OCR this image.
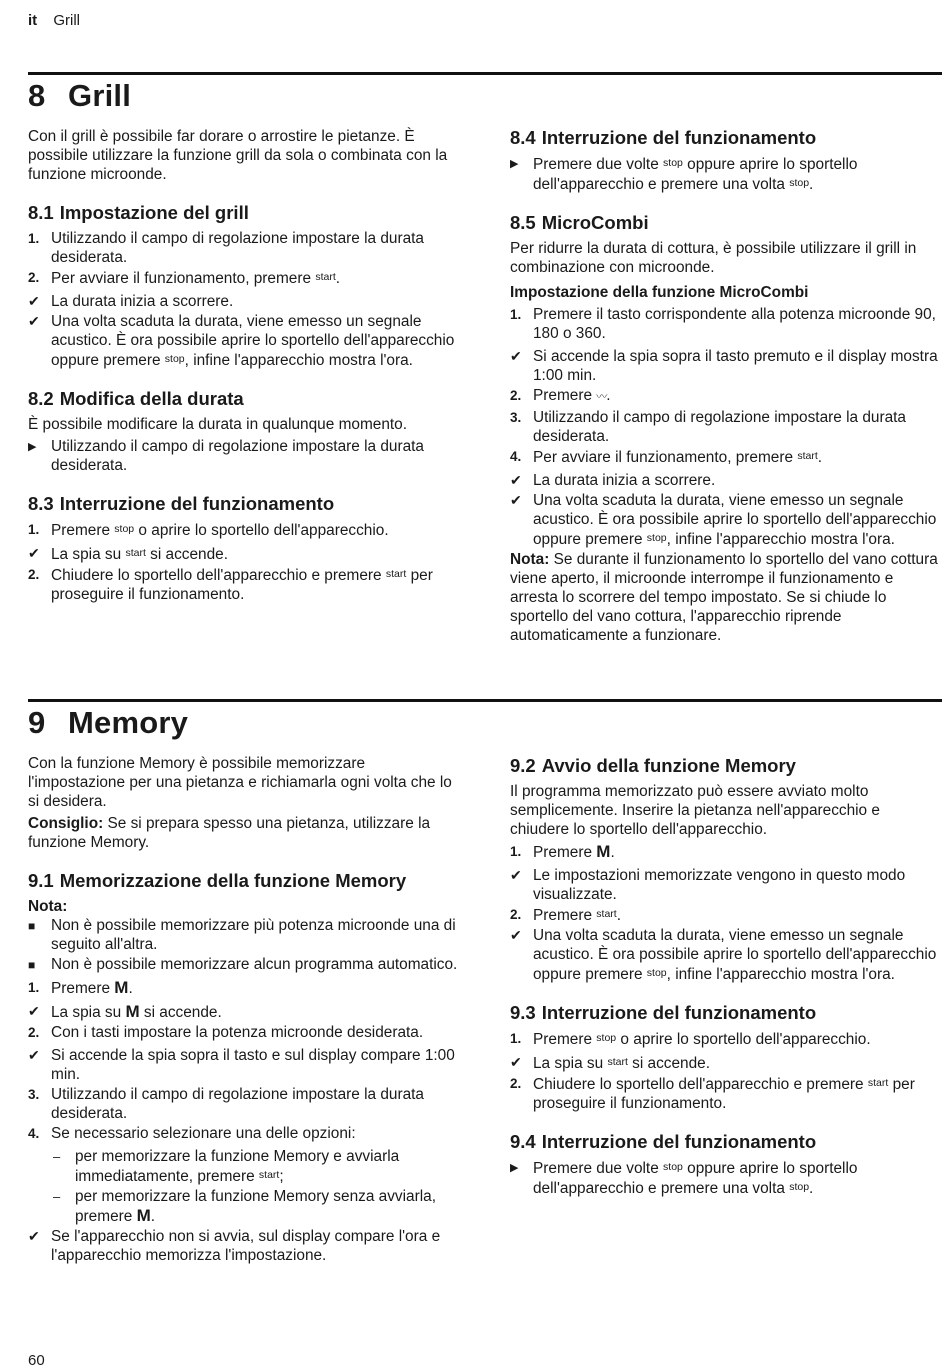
it Grill
8 Grill

Con il grill è possibile far dorare o arrostire le pietanze. È possibile utilizzare la funzione grill da sola o combinata con la funzione microonde.

8.1 Impostazione del grill
1. Utilizzando il campo di regolazione impostare la durata desiderata.
2. Per avviare il funzionamento, premere start.
✔ La durata inizia a scorrere.
✔ Una volta scaduta la durata, viene emesso un segnale acustico. È ora possibile aprire lo sportello dell'apparecchio oppure premere stop, infine l'apparecchio mostra l'ora.
8.2 Modifica della durata

È possibile modificare la durata in qualunque momento.

▶ Utilizzando il campo di regolazione impostare la durata desiderata.
8.3 Interruzione del funzionamento
1. Premere stop o aprire lo sportello dell'apparecchio.
✔ La spia su start si accende.
2. Chiudere lo sportello dell'apparecchio e premere start per proseguire il funzionamento.
8.4 Interruzione del funzionamento
▶ Premere due volte stop oppure aprire lo sportello dell'apparecchio e premere una volta stop.
8.5 MicroCombi

Per ridurre la durata di cottura, è possibile utilizzare il grill in combinazione con microonde.

Impostazione della funzione MicroCombi

1. Premere il tasto corrispondente alla potenza microonde 90, 180 o 360.
✔ Si accende la spia sopra il tasto premuto e il display mostra 1:00 min.
2. Premere 〰.
3. Utilizzando il campo di regolazione impostare la durata desiderata.
4. Per avviare il funzionamento, premere start.
✔ La durata inizia a scorrere.
✔ Una volta scaduta la durata, viene emesso un segnale acustico. È ora possibile aprire lo sportello dell'apparecchio oppure premere stop, infine l'apparecchio mostra l'ora.

Nota: Se durante il funzionamento lo sportello del vano cottura viene aperto, il microonde interrompe il funzionamento e arresta lo scorrere del tempo impostato. Se si chiude lo sportello del vano cottura, l'apparecchio riprende automaticamente a funzionare.

9 Memory

Con la funzione Memory è possibile memorizzare l'impostazione per una pietanza e richiamarla ogni volta che lo si desidera.

Consiglio: Se si prepara spesso una pietanza, utilizzare la funzione Memory.

9.1 Memorizzazione della funzione Memory

Nota:

■ Non è possibile memorizzare più potenza microonde una di seguito all'altra.
■ Non è possibile memorizzare alcun programma automatico.
1. Premere M.
✔ La spia su M si accende.
2. Con i tasti impostare la potenza microonde desiderata.
✔ Si accende la spia sopra il tasto e sul display compare 1:00 min.
3. Utilizzando il campo di regolazione impostare la durata desiderata.
4. Se necessario selezionare una delle opzioni:
– per memorizzare la funzione Memory e avviarla immediatamente, premere start;
– per memorizzare la funzione Memory senza avviarla, premere M.
✔ Se l'apparecchio non si avvia, sul display compare l'ora e l'apparecchio memorizza l'impostazione.
9.2 Avvio della funzione Memory

Il programma memorizzato può essere avviato molto semplicemente. Inserire la pietanza nell'apparecchio e chiudere lo sportello dell'apparecchio.

1. Premere M.
✔ Le impostazioni memorizzate vengono in questo modo visualizzate.
2. Premere start.
✔ Una volta scaduta la durata, viene emesso un segnale acustico. È ora possibile aprire lo sportello dell'apparecchio oppure premere stop, infine l'apparecchio mostra l'ora.
9.3 Interruzione del funzionamento
1. Premere stop o aprire lo sportello dell'apparecchio.
✔ La spia su start si accende.
2. Chiudere lo sportello dell'apparecchio e premere start per proseguire il funzionamento.
9.4 Interruzione del funzionamento
▶ Premere due volte stop oppure aprire lo sportello dell'apparecchio e premere una volta stop.
60
